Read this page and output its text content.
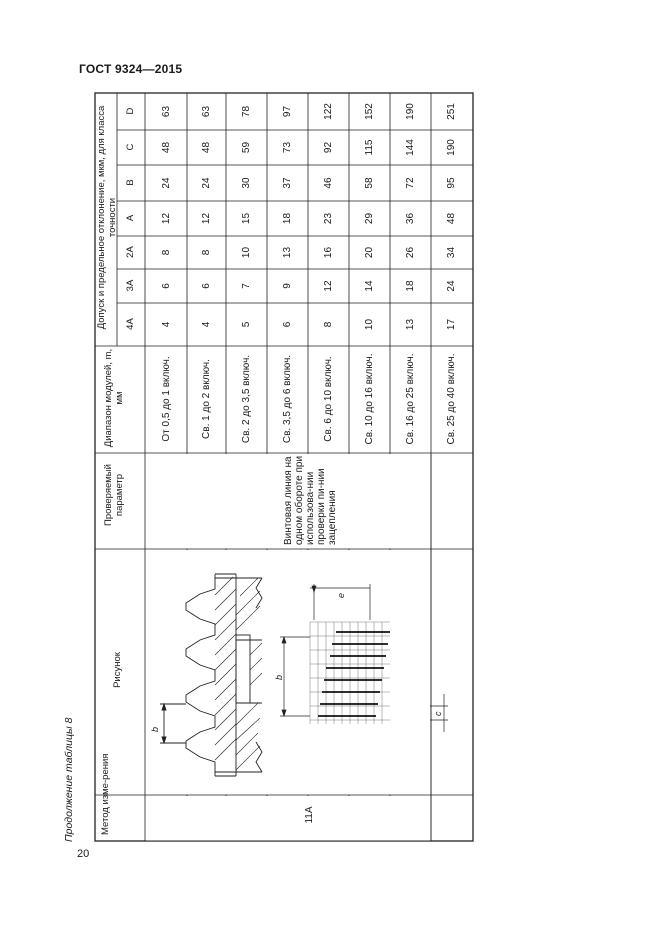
ГОСТ 9324—2015
Продолжение таблицы 8
20
b
b
e
c
Метод изме-рения
Рисунок
Проверяемый параметр
Диапазон модулей, m, мм
Допуск и предельное отклонение, мкм, для класса точности
4А
3А
2А
А
В
С
D
11А
Винтовая линия на одном обороте при использова-нии проверки пи-нии зацепления
От 0,5 до 1 включ.
4
6
8
12
24
48
63
Св. 1 до 2 включ.
4
6
8
12
24
48
63
Св. 2 до 3,5 включ.
5
7
10
15
30
59
78
Св. 3,5 до 6 включ.
6
9
13
18
37
73
97
Св. 6 до 10 включ.
8
12
16
23
46
92
122
Св. 10 до 16 включ.
10
14
20
29
58
115
152
Св. 16 до 25 включ.
13
18
26
36
72
144
190
Св. 25 до 40 включ.
17
24
34
48
95
190
251
